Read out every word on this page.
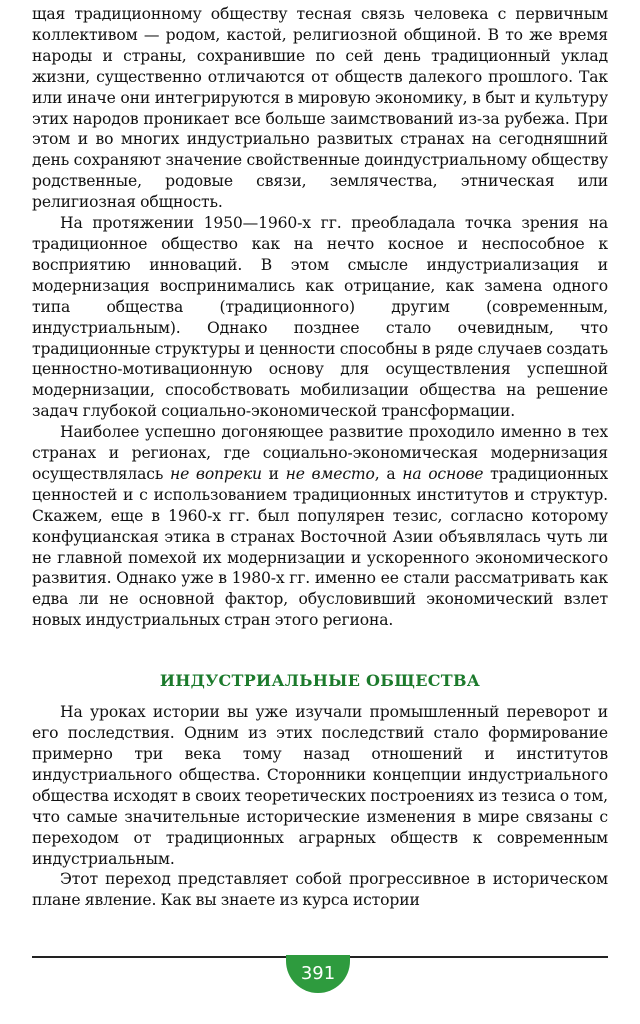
щая традиционному обществу тесная связь человека с первичным коллективом — родом, кастой, религиозной общиной. В то же время народы и страны, сохранившие по сей день традиционный уклад жизни, существенно отличаются от обществ далекого прошлого. Так или иначе они интегрируются в мировую экономику, в быт и культуру этих народов проникает все больше заимствований из-за рубежа. При этом и во многих индустриально развитых странах на сегодняшний день сохраняют значение свойственные доиндустриальному обществу родственные, родовые связи, землячества, этническая или религиозная общность.

На протяжении 1950—1960-х гг. преобладала точка зрения на традиционное общество как на нечто косное и неспособное к восприятию инноваций. В этом смысле индустриализация и модернизация воспринимались как отрицание, как замена одного типа общества (традиционного) другим (современным, индустриальным). Однако позднее стало очевидным, что традиционные структуры и ценности способны в ряде случаев создать ценностно-мотивационную основу для осуществления успешной модернизации, способствовать мобилизации общества на решение задач глубокой социально-экономической трансформации.

Наиболее успешно догоняющее развитие проходило именно в тех странах и регионах, где социально-экономическая модернизация осуществлялась не вопреки и не вместо, а на основе традиционных ценностей и с использованием традиционных институтов и структур. Скажем, еще в 1960-х гг. был популярен тезис, согласно которому конфуцианская этика в странах Восточной Азии объявлялась чуть ли не главной помехой их модернизации и ускоренного экономического развития. Однако уже в 1980-х гг. именно ее стали рассматривать как едва ли не основной фактор, обусловивший экономический взлет новых индустриальных стран этого региона.

ИНДУСТРИАЛЬНЫЕ ОБЩЕСТВА

На уроках истории вы уже изучали промышленный переворот и его последствия. Одним из этих последствий стало формирование примерно три века тому назад отношений и институтов индустриального общества. Сторонники концепции индустриального общества исходят в своих теоретических построениях из тезиса о том, что самые значительные исторические изменения в мире связаны с переходом от традиционных аграрных обществ к современным индустриальным.

Этот переход представляет собой прогрессивное в историческом плане явление. Как вы знаете из курса истории

391
